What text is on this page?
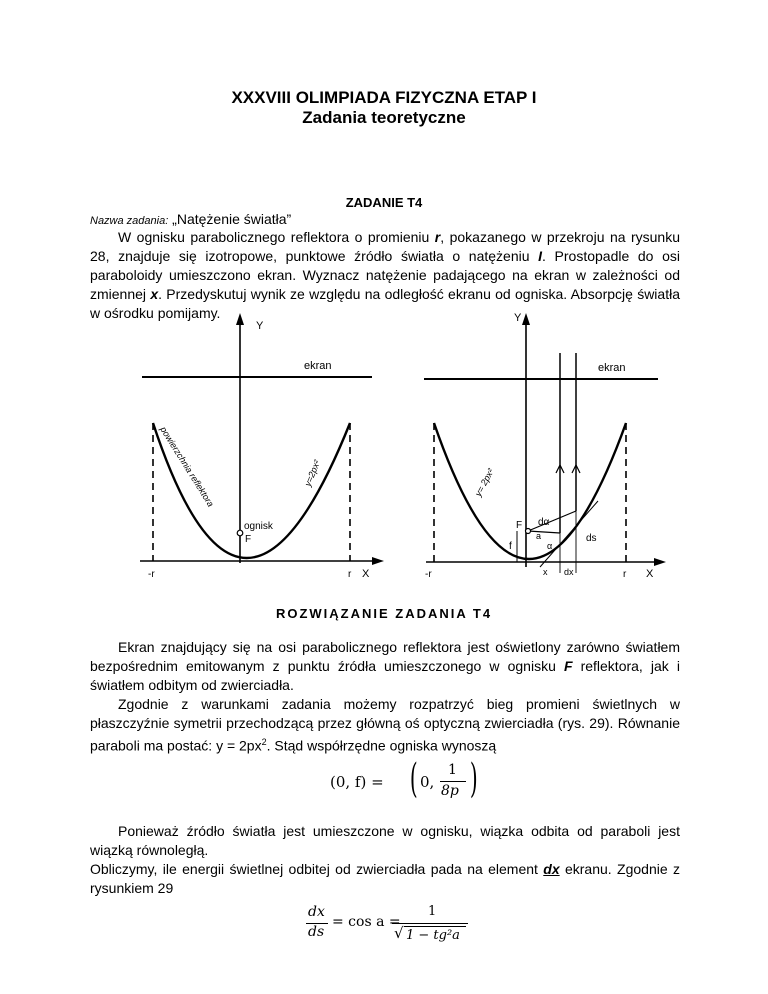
XXXVIII OLIMPIADA FIZYCZNA ETAP I
Zadania teoretyczne
ZADANIE T4
Nazwa zadania: „Natężenie światła”
W ognisku parabolicznego reflektora o promieniu r, pokazanego w przekroju na rysunku 28, znajduje się izotropowe, punktowe źródło światła o natężeniu I. Prostopadle do osi paraboloidy umieszczono ekran. Wyznacz natężenie padającego na ekran w zależności od zmiennej x. Przedyskutuj wynik ze względu na odległość ekranu od ogniska. Absorpcję światła w ośrodku pomijamy.
Y
ekran
ognisk
F
powierzchnia reflektora	y=2px²
-r	r X
Y
ekran
y= 2px²
F
f
a
dα
α
ds
x dx
-r	r X
ROZWIĄZANIE ZADANIA T4
Ekran znajdujący się na osi parabolicznego reflektora jest oświetlony zarówno światłem bezpośrednim emitowanym z punktu źródła umieszczonego w ognisku F reflektora, jak i światłem odbitym od zwierciadła.
Zgodnie z warunkami zadania możemy rozpatrzyć bieg promieni świetlnych w płaszczyźnie symetrii przechodzącą przez główną oś optyczną zwierciadła (rys. 29). Równanie paraboli ma postać: $y = 2px^2$. Stąd współrzędne ogniska wynoszą
(0, f) = ( 0,
1
8p )
Ponieważ źródło światła jest umieszczone w ognisku, wiązka odbita od paraboli jest wiązką równoległą.
Obliczymy, ile energii świetlnej odbitej od zwierciadła pada na element dx ekranu. Zgodnie z rysunkiem 29
dx
ds
= cos a =
1
√ 1 − tg²a
